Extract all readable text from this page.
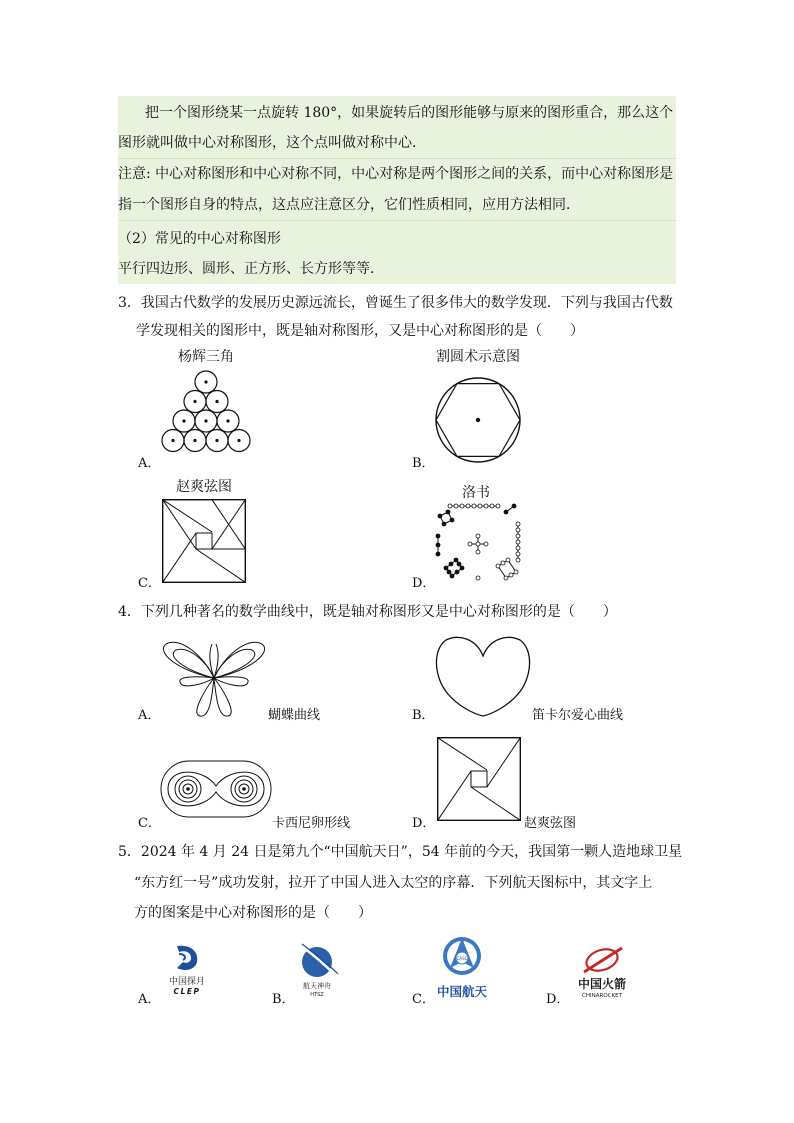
把一个图形绕某一点旋转 180°，如果旋转后的图形能够与原来的图形重合，那么这个
图形就叫做中心对称图形，这个点叫做对称中心．
注意: 中心对称图形和中心对称不同，中心对称是两个图形之间的关系，而中心对称图形是
指一个图形自身的特点，这点应注意区分，它们性质相同，应用方法相同．
（2）常见的中心对称图形
平行四边形、圆形、正方形、长方形等等．
3．我国古代数学的发展历史源远流长，曾诞生了很多伟大的数学发现．下列与我国古代数
学发现相关的图形中，既是轴对称图形，又是中心对称图形的是（　　）
杨辉三角	割圆术示意图
A．	B．
赵爽弦图	洛书
C．	D．
4．下列几种著名的数学曲线中，既是轴对称图形又是中心对称图形的是（　　）
A．	蝴蝶曲线	B．	笛卡尔爱心曲线
C．	卡西尼卵形线	D．	赵爽弦图
5．2024 年 4 月 24 日是第九个“中国航天日”，54 年前的今天，我国第一颗人造地球卫星
“东方红一号”成功发射，拉开了中国人进入太空的序幕．下列航天图标中，其文字上
方的图案是中心对称图形的是（　　）
中国探月
CLEP
A．
航天神舟
HTSZ
B．
CASC
中国航天
C．
中国火箭
CHINAROCKET
D．
